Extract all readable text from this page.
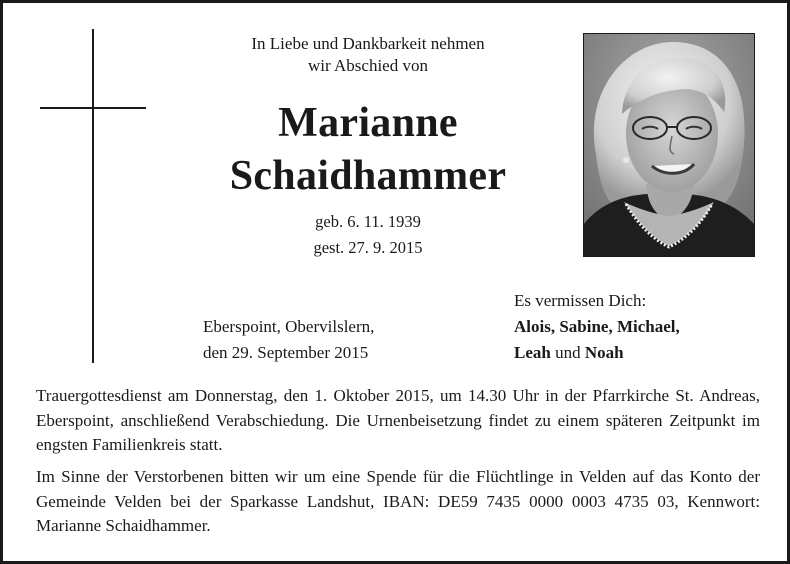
In Liebe und Dankbarkeit nehmen
wir Abschied von
Marianne
Schaidhammer
geb. 6. 11. 1939
gest. 27. 9. 2015
Eberspoint, Obervilslern,
den 29. September 2015
Es vermissen Dich:
Alois, Sabine, Michael,
Leah und Noah
Trauergottesdienst am Donnerstag, den 1. Oktober 2015, um 14.30 Uhr in der Pfarrkirche St. Andreas, Eberspoint, anschließend Verabschiedung. Die Urnenbeisetzung findet zu einem späteren Zeitpunkt im engsten Familienkreis statt.
Im Sinne der Verstorbenen bitten wir um eine Spende für die Flüchtlinge in Velden auf das Konto der Gemeinde Velden bei der Sparkasse Landshut, IBAN: DE59 7435 0000 0003 4735 03, Kennwort: Marianne Schaidhammer.
